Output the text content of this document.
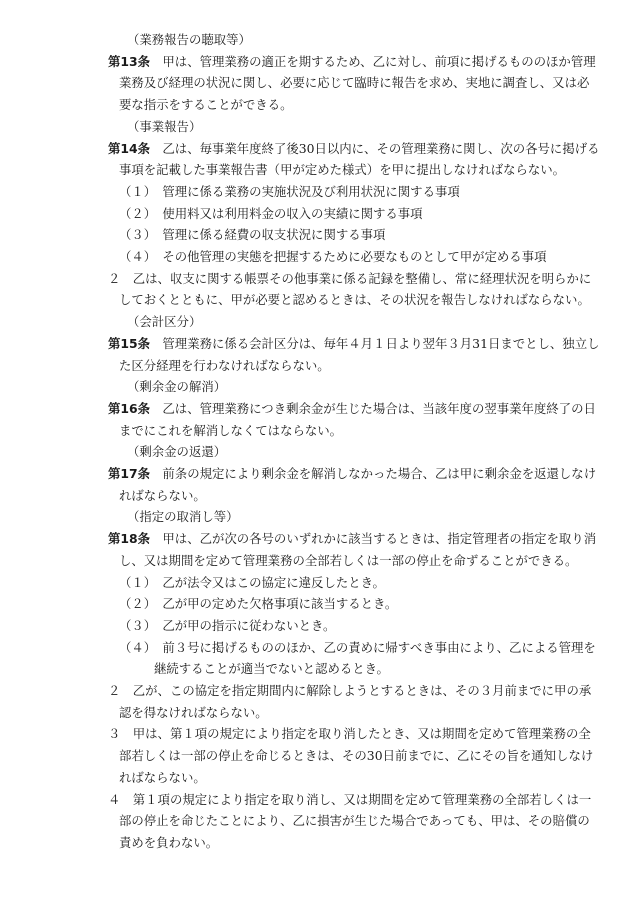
（業務報告の聴取等）
第13条　 甲は、管理業務の適正を期するため、乙に対し、前項に掲げるもののほか管理
業務及び経理の状況に関し、必要に応じて臨時に報告を求め、実地に調査し、又は必
要な指示をすることができる。
（事業報告）
第14条　 乙は、毎事業年度終了後30日以内に、その管理業務に関し、次の各号に掲げる
事項を記載した事業報告書（甲が定めた様式）を甲に提出しなければならない。
（１）　管理に係る業務の実施状況及び利用状況に関する事項
（２）　使用料又は利用料金の収入の実績に関する事項
（３）　管理に係る経費の収支状況に関する事項
（４）　その他管理の実態を把握するために必要なものとして甲が定める事項
２　乙は、収支に関する帳票その他事業に係る記録を整備し、常に経理状況を明らかに
しておくとともに、甲が必要と認めるときは、その状況を報告しなければならない。
（会計区分）
第15条　 管理業務に係る会計区分は、毎年４月１日より翌年３月31日までとし、独立し
た区分経理を行わなければならない。
（剰余金の解消）
第16条　 乙は、管理業務につき剰余金が生じた場合は、当該年度の翌事業年度終了の日
までにこれを解消しなくてはならない。
（剰余金の返還）
第17条　 前条の規定により剰余金を解消しなかった場合、乙は甲に剰余金を返還しなけ
ればならない。
（指定の取消し等）
第18条　 甲は、乙が次の各号のいずれかに該当するときは、指定管理者の指定を取り消
し、又は期間を定めて管理業務の全部若しくは一部の停止を命ずることができる。
（１）　乙が法令又はこの協定に違反したとき。
（２）　乙が甲の定めた欠格事項に該当するとき。
（３）　乙が甲の指示に従わないとき。
（４）　前３号に掲げるもののほか、乙の責めに帰すべき事由により、乙による管理を
継続することが適当でないと認めるとき。
２　乙が、この協定を指定期間内に解除しようとするときは、その３月前までに甲の承
認を得なければならない。
３　甲は、第１項の規定により指定を取り消したとき、又は期間を定めて管理業務の全
部若しくは一部の停止を命じるときは、その30日前までに、乙にその旨を通知しなけ
ればならない。
４　第１項の規定により指定を取り消し、又は期間を定めて管理業務の全部若しくは一
部の停止を命じたことにより、乙に損害が生じた場合であっても、甲は、その賠償の
責めを負わない。
